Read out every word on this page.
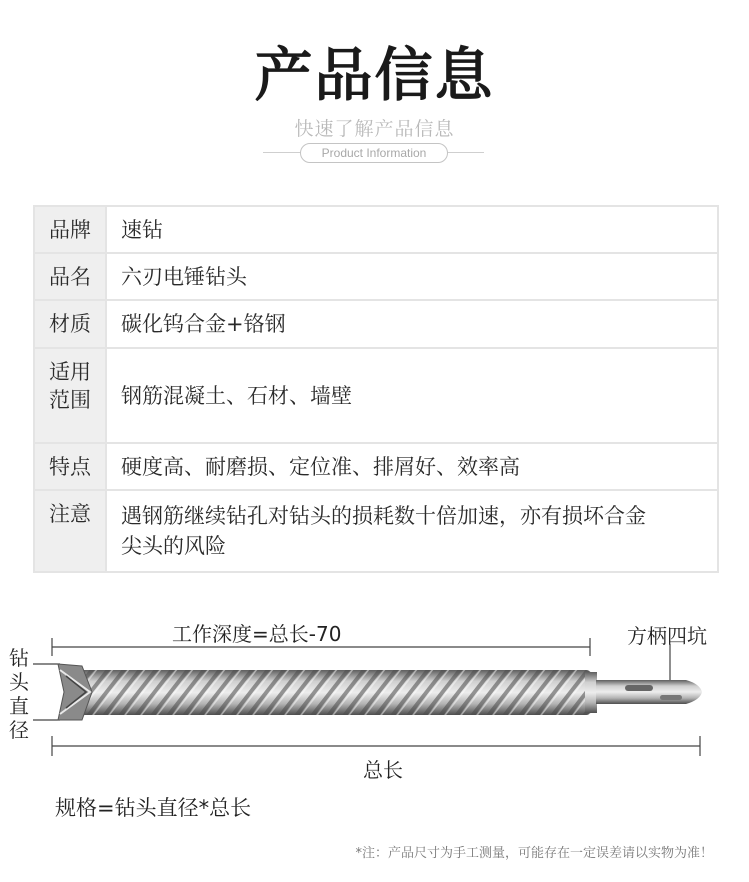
产品信息
快速了解产品信息
Product Information
品牌	速钻
品名	六刃电锤钻头
材质	碳化钨合金+铬钢

适用
范围	钢筋混凝土、石材、墙壁
特点	硬度高、耐磨损、定位准、排屑好、效率高
注意	遇钢筋继续钻孔对钻头的损耗数十倍加速，亦有损坏合金
尖头的风险
工作深度=总长-70	方柄四坑
总长
钻
头
直
径
规格=钻头直径*总长
*注：产品尺寸为手工测量，可能存在一定误差请以实物为准！
